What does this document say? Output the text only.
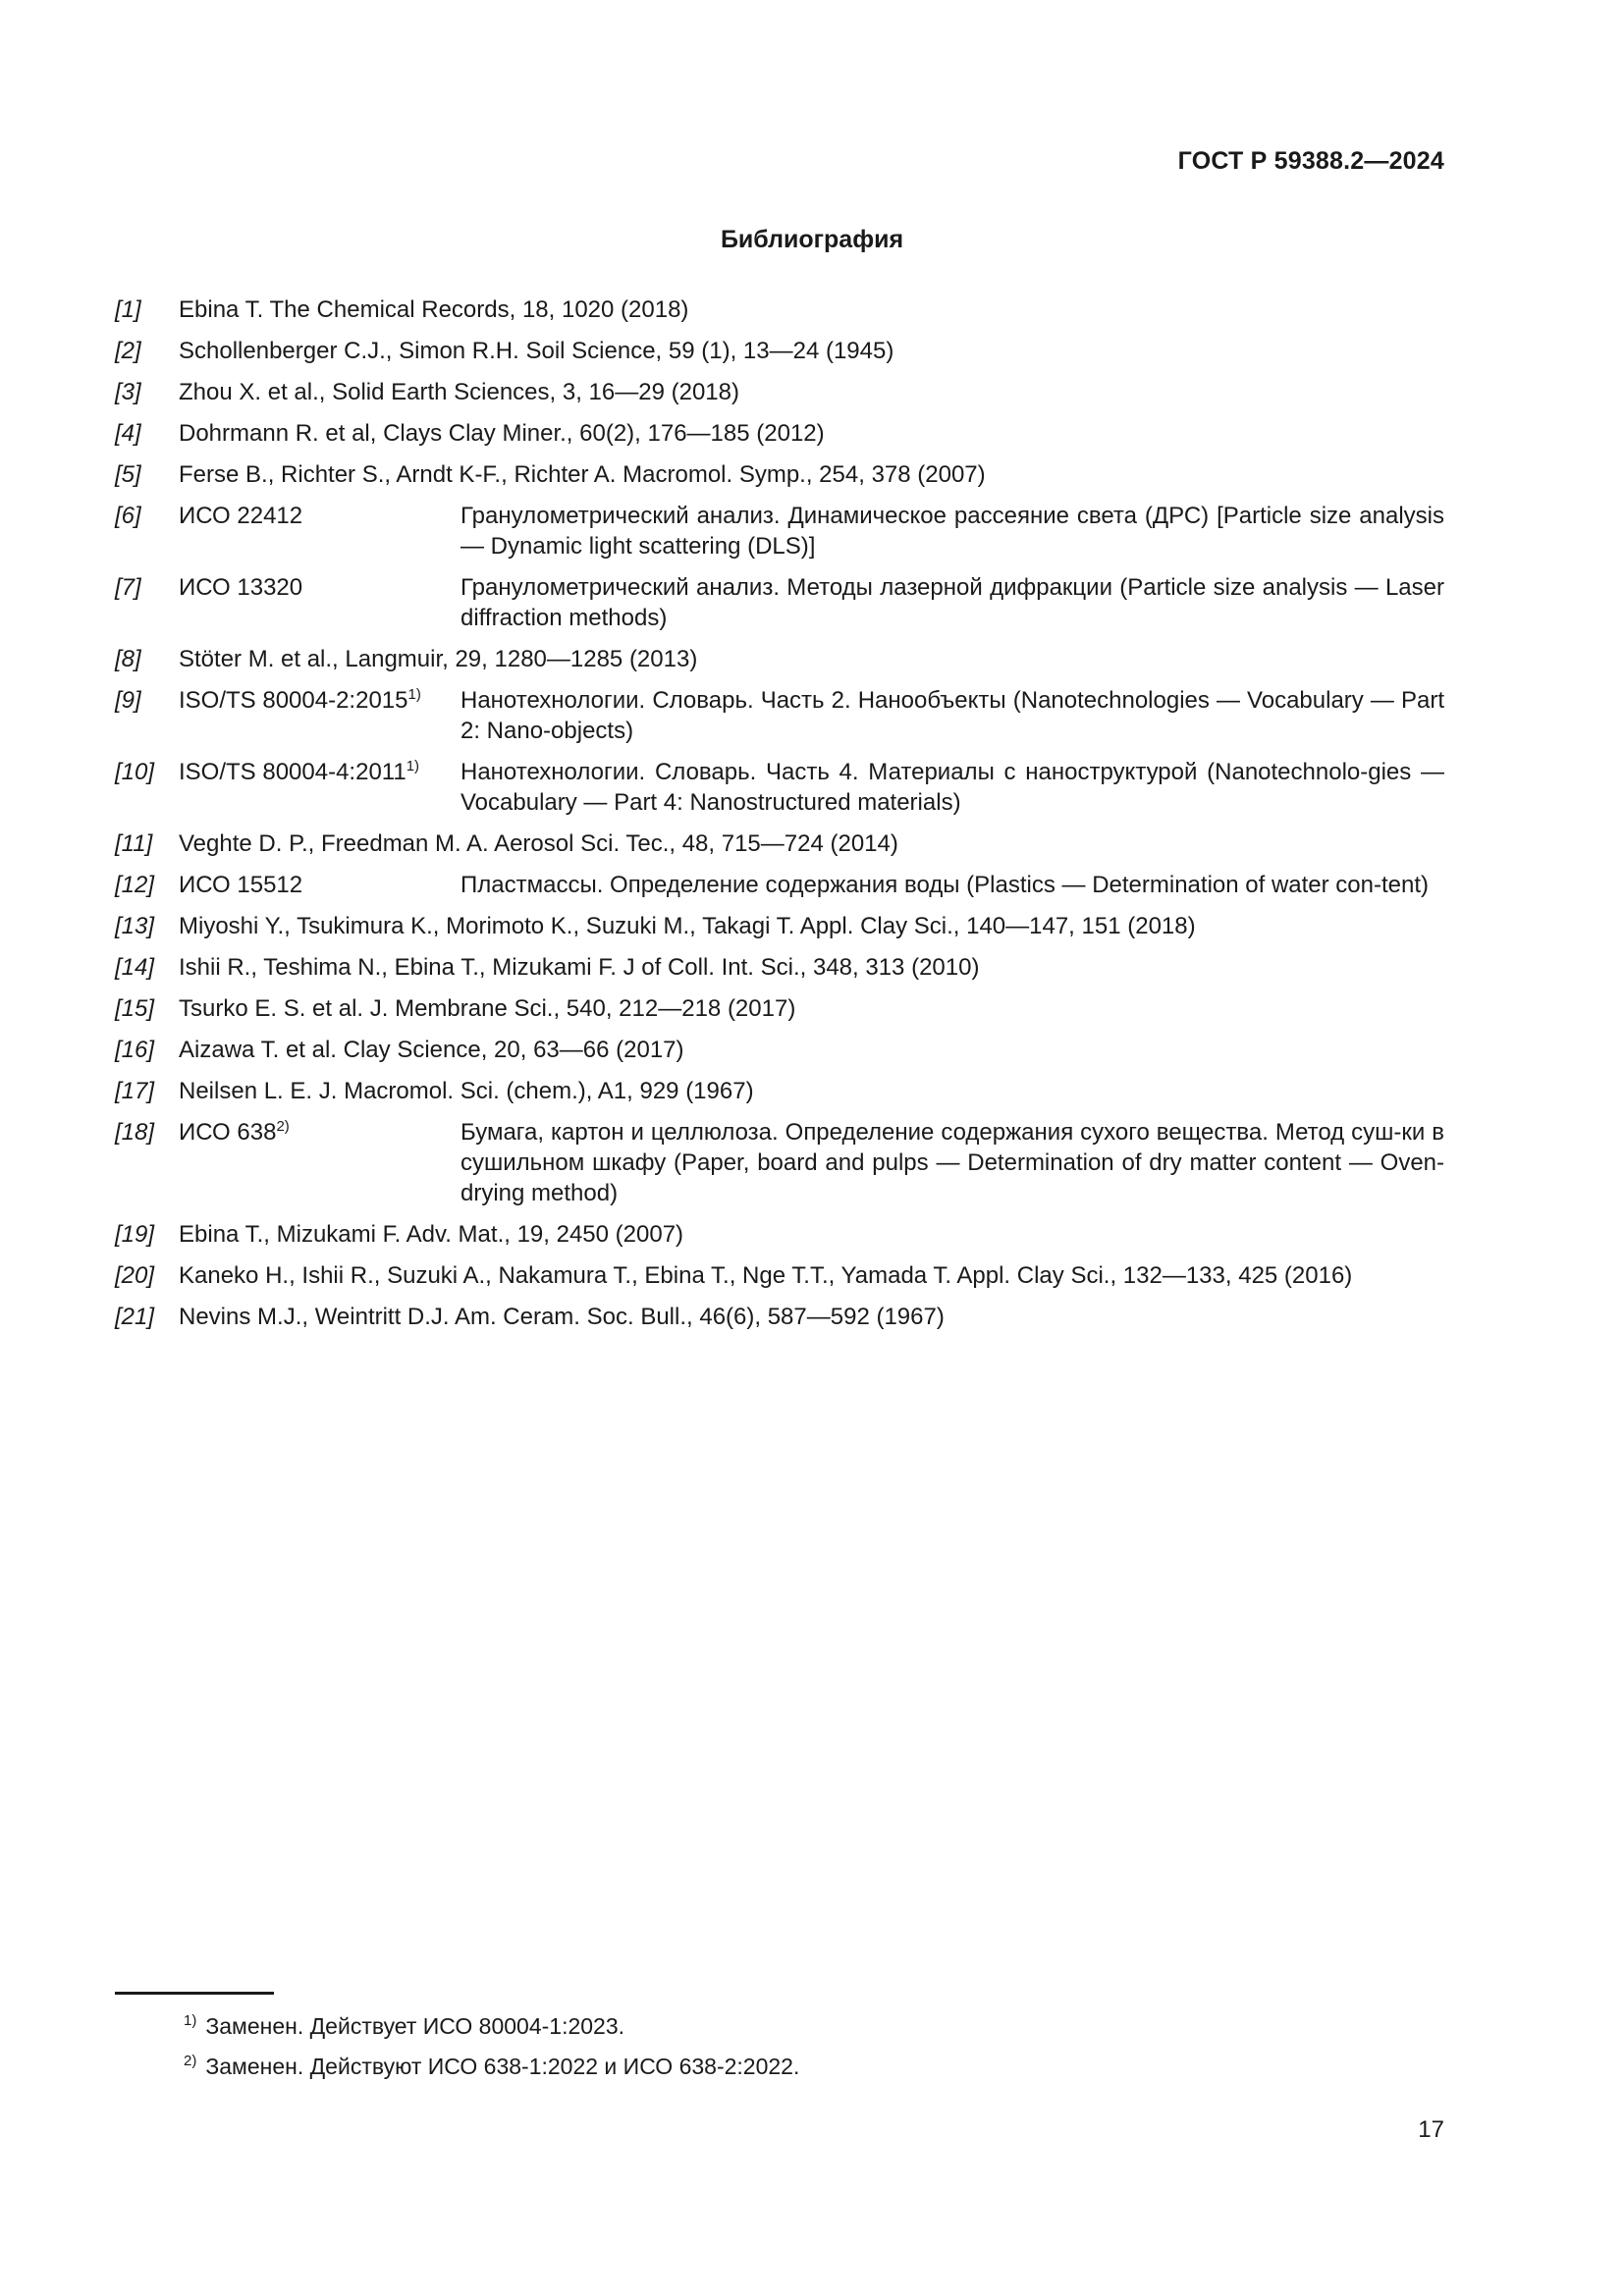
ГОСТ Р 59388.2—2024
Библиография
[1]	Ebina T. The Chemical Records, 18, 1020 (2018)
[2]	Schollenberger C.J., Simon R.H. Soil Science, 59 (1), 13—24 (1945)
[3]	Zhou X. et al., Solid Earth Sciences, 3, 16—29 (2018)
[4]	Dohrmann R. et al, Clays Clay Miner., 60(2), 176—185 (2012)
[5]	Ferse B., Richter S., Arndt K-F., Richter A. Macromol. Symp., 254, 378 (2007)
[6]	ИСО 22412	Гранулометрический анализ. Динамическое рассеяние света (ДРС) [Particle size analysis — Dynamic light scattering (DLS)]
[7]	ИСО 13320	Гранулометрический анализ. Методы лазерной дифракции (Particle size analysis — Laser diffraction methods)
[8]	Stöter M. et al., Langmuir, 29, 1280—1285 (2013)
[9]	ISO/TS 80004-2:2015$^{1)}$	Нанотехнологии. Словарь. Часть 2. Нанообъекты (Nanotechnologies — Vocabulary — Part 2: Nano-objects)
[10]	ISO/TS 80004-4:2011$^{1)}$	Нанотехнологии. Словарь. Часть 4. Материалы с наноструктурой (Nanotechnolo-gies — Vocabulary — Part 4: Nanostructured materials)
[11]	Veghte D. P., Freedman M. A. Aerosol Sci. Tec., 48, 715—724 (2014)
[12]	ИСО 15512	Пластмассы. Определение содержания воды (Plastics — Determination of water con-tent)
[13]	Miyoshi Y., Tsukimura K., Morimoto K., Suzuki M., Takagi T. Appl. Clay Sci., 140—147, 151 (2018)
[14]	Ishii R., Teshima N., Ebina T., Mizukami F. J of Coll. Int. Sci., 348, 313 (2010)
[15]	Tsurko E. S. et al. J. Membrane Sci., 540, 212—218 (2017)
[16]	Aizawa T. et al. Clay Science, 20, 63—66 (2017)
[17]	Neilsen L. E. J. Macromol. Sci. (chem.), A1, 929 (1967)
[18]	ИСО 638$^{2)}$	Бумага, картон и целлюлоза. Определение содержания сухого вещества. Метод суш-ки в сушильном шкафу (Paper, board and pulps — Determination of dry matter content — Oven-drying method)
[19]	Ebina T., Mizukami F. Adv. Mat., 19, 2450 (2007)
[20]	Kaneko H., Ishii R., Suzuki A., Nakamura T., Ebina T., Nge T.T., Yamada T. Appl. Clay Sci., 132—133, 425 (2016)
[21]	Nevins M.J., Weintritt D.J. Am. Ceram. Soc. Bull., 46(6), 587—592 (1967)
$^{1)}$ Заменен. Действует ИСО 80004-1:2023.
$^{2)}$ Заменен. Действуют ИСО 638-1:2022 и ИСО 638-2:2022.
17
